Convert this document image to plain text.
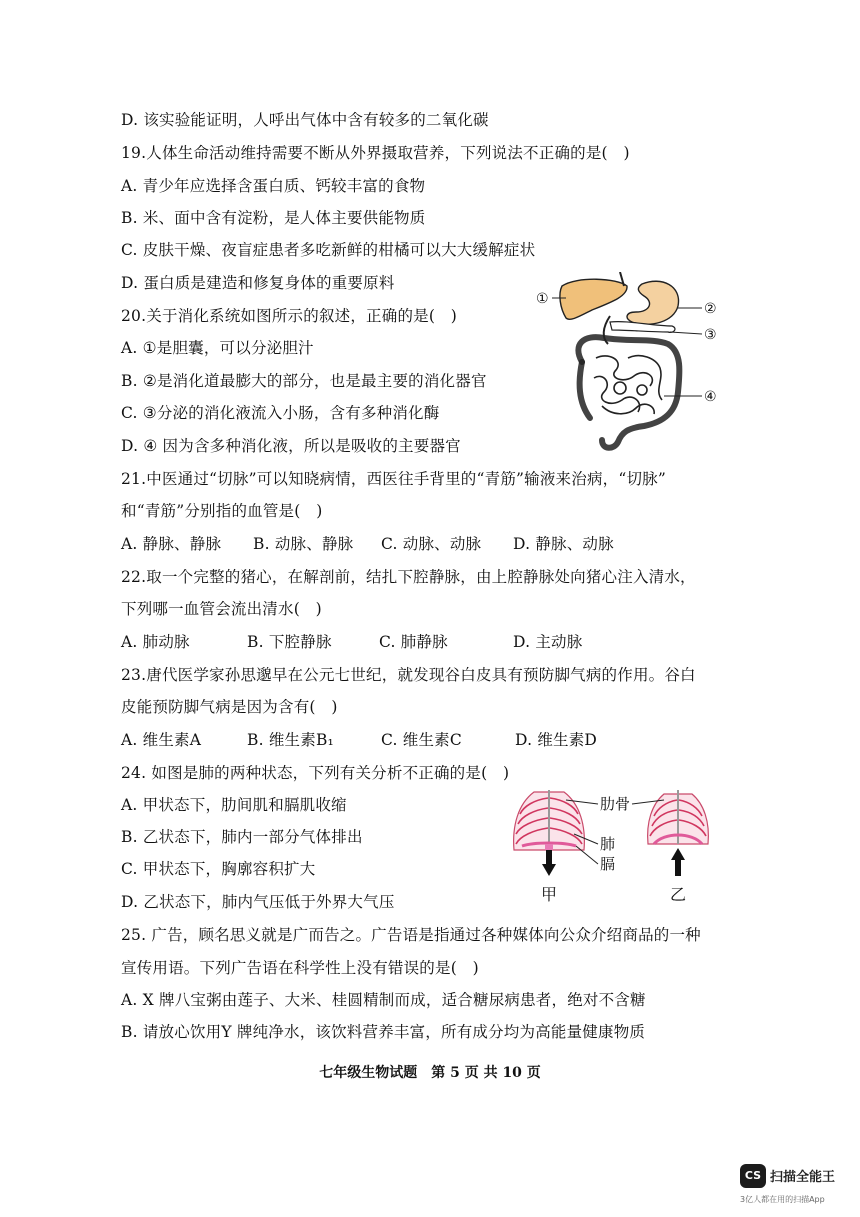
D. 该实验能证明，人呼出气体中含有较多的二氧化碳
19.人体生命活动维持需要不断从外界摄取营养，下列说法不正确的是(　)
A. 青少年应选择含蛋白质、钙较丰富的食物
B. 米、面中含有淀粉，是人体主要供能物质
C. 皮肤干燥、夜盲症患者多吃新鲜的柑橘可以大大缓解症状
D. 蛋白质是建造和修复身体的重要原料
20.关于消化系统如图所示的叙述，正确的是(　)
A. ①是胆囊，可以分泌胆汁
B. ②是消化道最膨大的部分，也是最主要的消化器官
C. ③分泌的消化液流入小肠，含有多种消化酶
D. ④ 因为含多种消化液，所以是吸收的主要器官
21.中医通过“切脉”可以知晓病情，西医往手背里的“青筋”输液来治病，“切脉”
和“青筋”分别指的血管是(　)
A. 静脉、静脉 B. 动脉、静脉 C. 动脉、动脉 D. 静脉、动脉
22.取一个完整的猪心，在解剖前，结扎下腔静脉，由上腔静脉处向猪心注入清水，
下列哪一血管会流出清水(　)
A. 肺动脉	B. 下腔静脉	C. 肺静脉	D. 主动脉
23.唐代医学家孙思邈早在公元七世纪，就发现谷白皮具有预防脚气病的作用。谷白
皮能预防脚气病是因为含有(　)
A. 维生素A	B. 维生素B₁	C. 维生素C	D. 维生素D
24. 如图是肺的两种状态，下列有关分析不正确的是(　)
A. 甲状态下，肋间肌和膈肌收缩
B. 乙状态下，肺内一部分气体排出
C. 甲状态下，胸廓容积扩大
D. 乙状态下，肺内气压低于外界大气压
25. 广告，顾名思义就是广而告之。广告语是指通过各种媒体向公众介绍商品的一种
宣传用语。下列广告语在科学性上没有错误的是(　)
A. X 牌八宝粥由莲子、大米、桂圆精制而成，适合糖尿病患者，绝对不含糖
B. 请放心饮用Y 牌纯净水，该饮料营养丰富，所有成分均为高能量健康物质
①
②
③
④
肋骨
肺
膈
甲	乙
七年级生物试题　第 5 页 共 10 页
CS 扫描全能王
3亿人都在用的扫描App
